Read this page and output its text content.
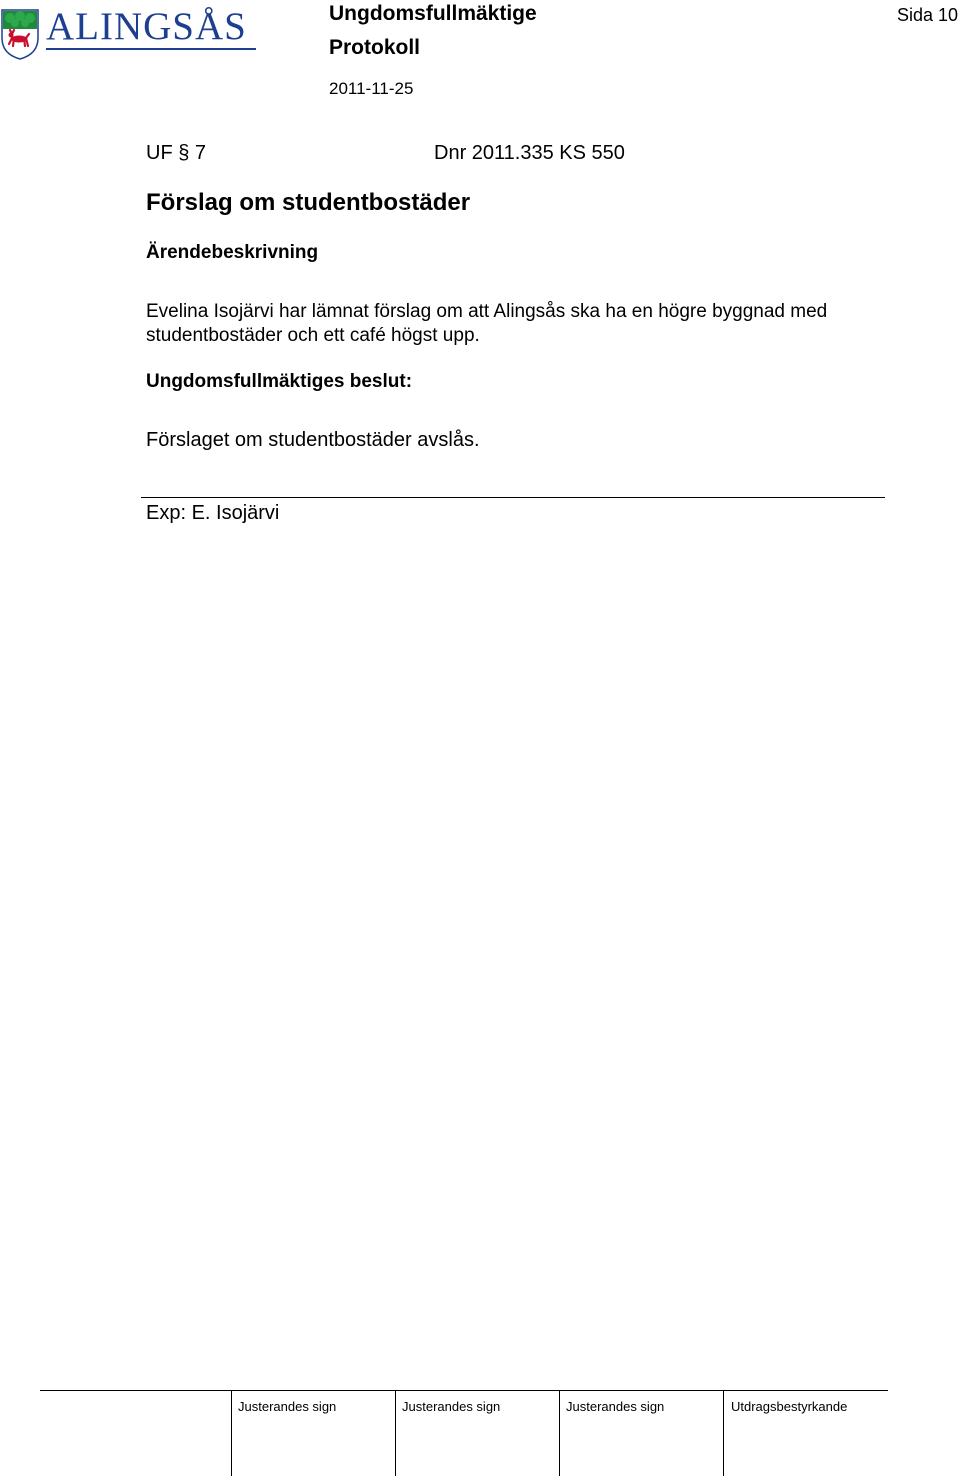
ALINGSÅS	Ungdomsfullmäktige
Protokoll
2011-11-25
Sida 10
UF § 7	Dnr 2011.335 KS 550
Förslag om studentbostäder
Ärendebeskrivning
Evelina Isojärvi har lämnat förslag om att Alingsås ska ha en högre byggnad med studentbostäder och ett café högst upp.
Ungdomsfullmäktiges beslut:
Förslaget om studentbostäder avslås.
Exp: E. Isojärvi
Justerandes sign	Justerandes sign	Justerandes sign	Utdragsbestyrkande
